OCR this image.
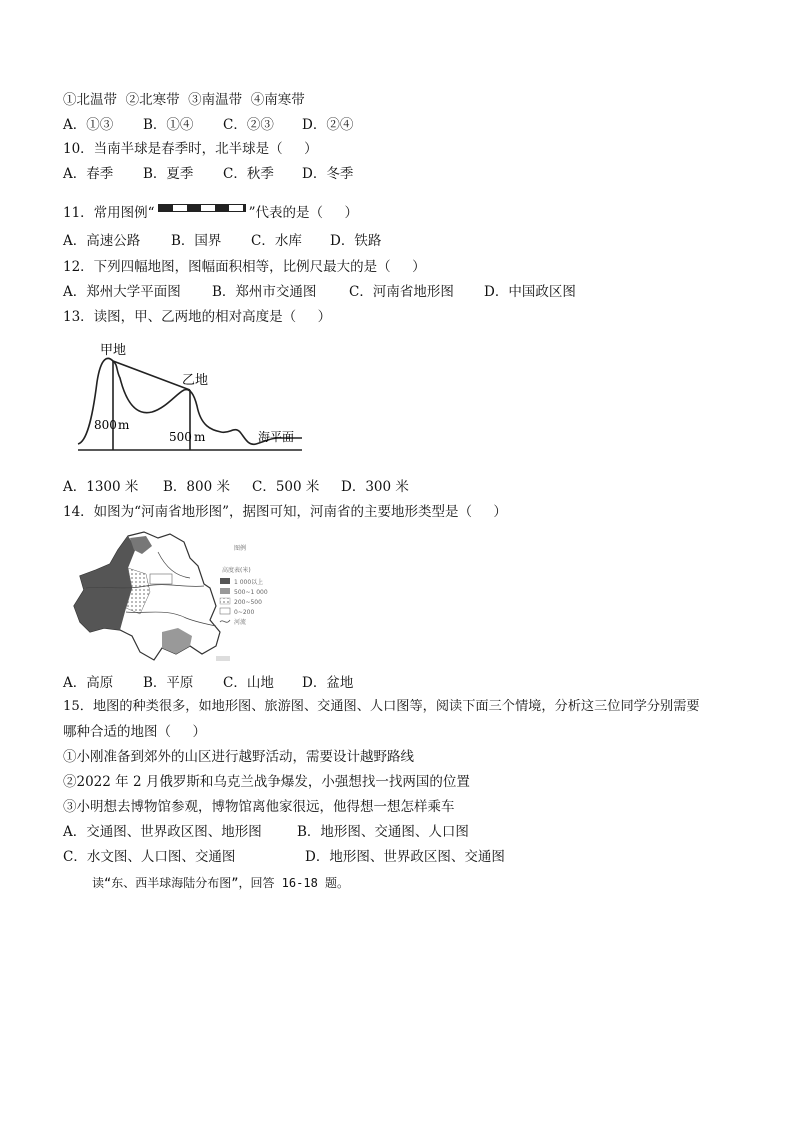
①北温带  ②北寒带  ③南温带  ④南寒带
A．①③ B．①④ C．②③ D．②④
10．当南半球是春季时，北半球是（     ）
A．春季 B．夏季 C．秋季 D．冬季
11．常用图例“	”代表的是（     ）
A．高速公路 B．国界 C．水库 D．铁路
12．下列四幅地图，图幅面积相等，比例尺最大的是（     ）
A．郑州大学平面图 B．郑州市交通图 C．河南省地形图 D．中国政区图
13．读图，甲、乙两地的相对高度是（     ）
甲地
乙地
800 m
500 m	海平面
A．1300 米 B．800 米 C．500 米 D．300 米
14．如图为“河南省地形图”，据图可知，河南省的主要地形类型是（     ）
图例
高度表(米)
1 000以上
500~1 000
200~500
0~200
河流
A．高原 B．平原 C．山地 D．盆地
15．地图的种类很多，如地形图、旅游图、交通图、人口图等，阅读下面三个情境，分析这三位同学分别需要
哪种合适的地图（     ）
①小刚准备到郊外的山区进行越野活动，需要设计越野路线
②2022 年 2 月俄罗斯和乌克兰战争爆发，小强想找一找两国的位置
③小明想去博物馆参观，博物馆离他家很远，他得想一想怎样乘车
A．交通图、世界政区图、地形图	B．地形图、交通图、人口图
C．水文图、人口图、交通图	D．地形图、世界政区图、交通图
读“东、西半球海陆分布图”，回答 16-18 题。
